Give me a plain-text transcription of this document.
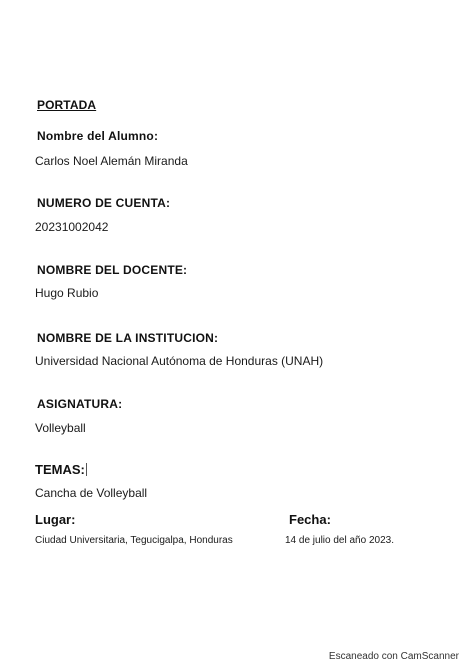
PORTADA
Nombre del Alumno:
Carlos Noel Alemán Miranda
NUMERO DE CUENTA:
20231002042
NOMBRE DEL DOCENTE:
Hugo Rubio
NOMBRE DE LA INSTITUCION:
Universidad Nacional Autónoma de Honduras (UNAH)
ASIGNATURA:
Volleyball
TEMAS:
Cancha de Volleyball
Lugar:
Ciudad Universitaria, Tegucigalpa, Honduras
Fecha:
14 de julio del año 2023.
Escaneado con CamScanner
